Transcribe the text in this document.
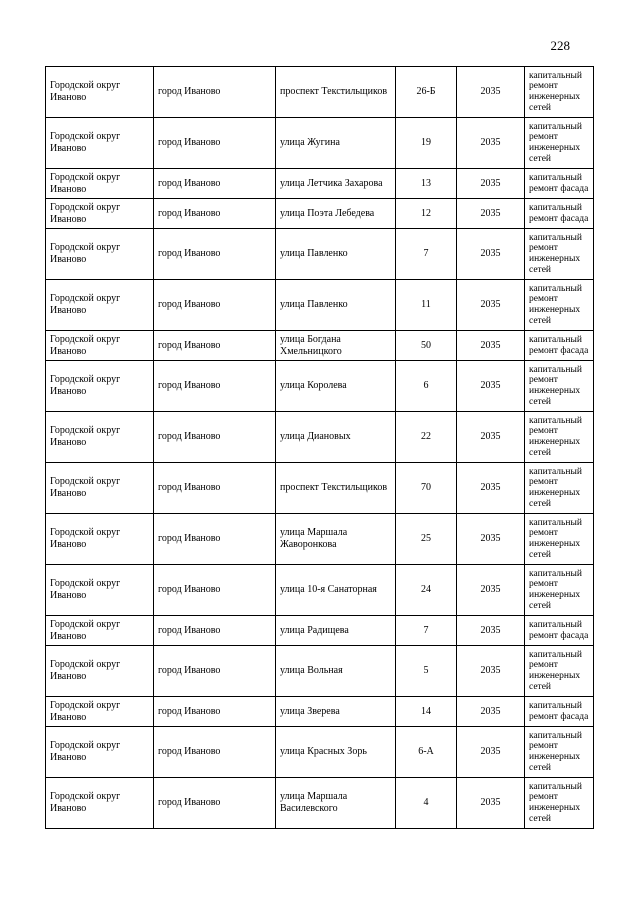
228
Городской округ Иваново	город Иваново	проспект Текстильщиков	26-Б	2035	капитальный ремонт инженерных сетей
Городской округ Иваново	город Иваново	улица Жугина	19	2035	капитальный ремонт инженерных сетей
Городской округ Иваново	город Иваново	улица Летчика Захарова	13	2035	капитальный ремонт фасада
Городской округ Иваново	город Иваново	улица Поэта Лебедева	12	2035	капитальный ремонт фасада
Городской округ Иваново	город Иваново	улица Павленко	7	2035	капитальный ремонт инженерных сетей
Городской округ Иваново	город Иваново	улица Павленко	11	2035	капитальный ремонт инженерных сетей
Городской округ Иваново	город Иваново	улица Богдана Хмельницкого	50	2035	капитальный ремонт фасада
Городской округ Иваново	город Иваново	улица Королева	6	2035	капитальный ремонт инженерных сетей
Городской округ Иваново	город Иваново	улица Диановых	22	2035	капитальный ремонт инженерных сетей
Городской округ Иваново	город Иваново	проспект Текстильщиков	70	2035	капитальный ремонт инженерных сетей
Городской округ Иваново	город Иваново	улица Маршала Жаворонкова	25	2035	капитальный ремонт инженерных сетей
Городской округ Иваново	город Иваново	улица 10-я Санаторная	24	2035	капитальный ремонт инженерных сетей
Городской округ Иваново	город Иваново	улица Радищева	7	2035	капитальный ремонт фасада
Городской округ Иваново	город Иваново	улица Вольная	5	2035	капитальный ремонт инженерных сетей
Городской округ Иваново	город Иваново	улица Зверева	14	2035	капитальный ремонт фасада
Городской округ Иваново	город Иваново	улица Красных Зорь	6-А	2035	капитальный ремонт инженерных сетей
Городской округ Иваново	город Иваново	улица Маршала Василевского	4	2035	капитальный ремонт инженерных сетей
